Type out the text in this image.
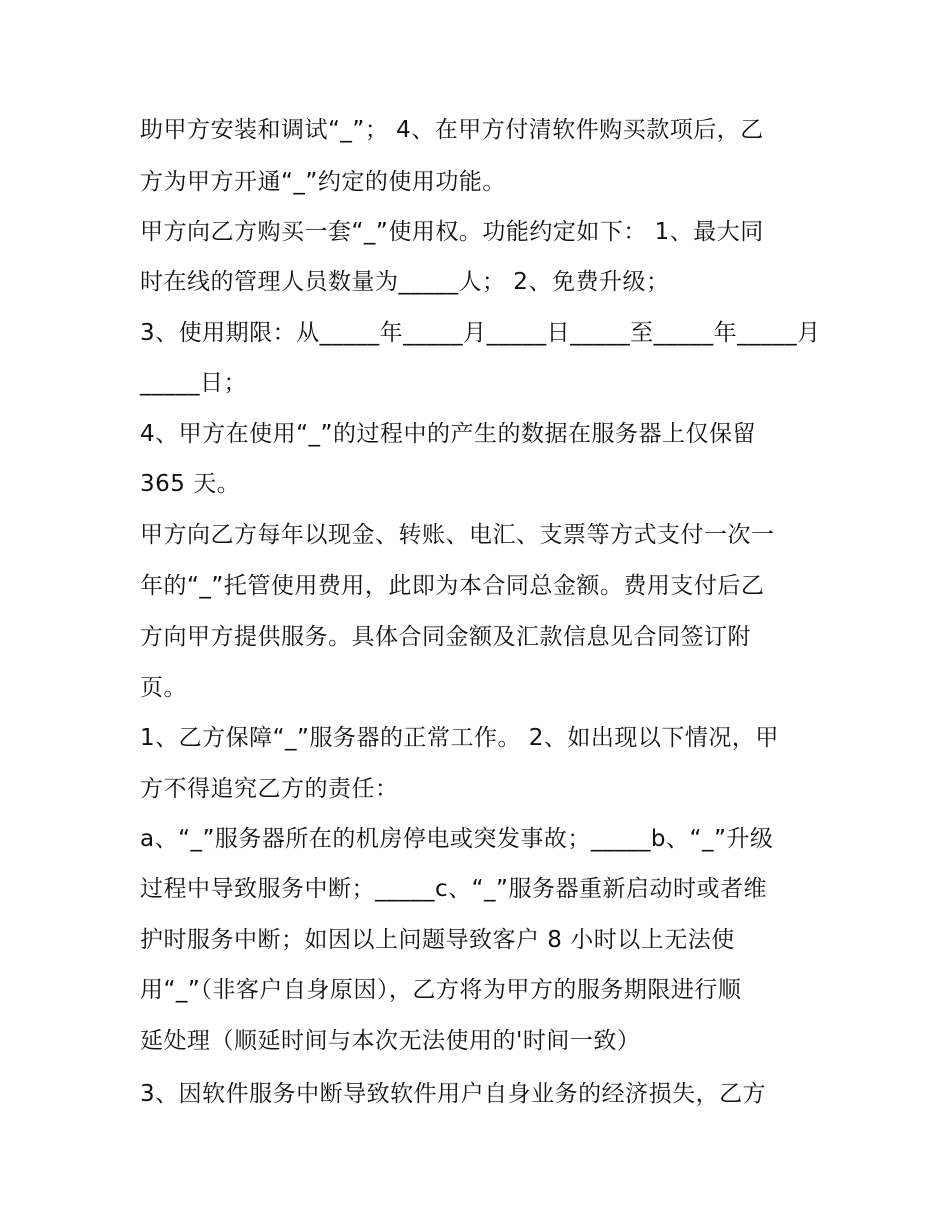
助甲方安装和调试“_”； 4、在甲方付清软件购买款项后，乙
方为甲方开通“_”约定的使用功能。
甲方向乙方购买一套“_”使用权。功能约定如下： 1、最大同
时在线的管理人员数量为_____人； 2、免费升级；
3、使用期限：从_____年_____月_____日_____至_____年_____月
_____日；
4、甲方在使用“_”的过程中的产生的数据在服务器上仅保留
365 天。
甲方向乙方每年以现金、转账、电汇、支票等方式支付一次一
年的“_”托管使用费用，此即为本合同总金额。费用支付后乙
方向甲方提供服务。具体合同金额及汇款信息见合同签订附
页。
1、乙方保障“_”服务器的正常工作。 2、如出现以下情况，甲
方不得追究乙方的责任：
a、“_”服务器所在的机房停电或突发事故；_____b、“_”升级
过程中导致服务中断；_____c、“_”服务器重新启动时或者维
护时服务中断；如因以上问题导致客户 8 小时以上无法使
用“_”（非客户自身原因），乙方将为甲方的服务期限进行顺
延处理（顺延时间与本次无法使用的'时间一致）
3、因软件服务中断导致软件用户自身业务的经济损失，乙方
